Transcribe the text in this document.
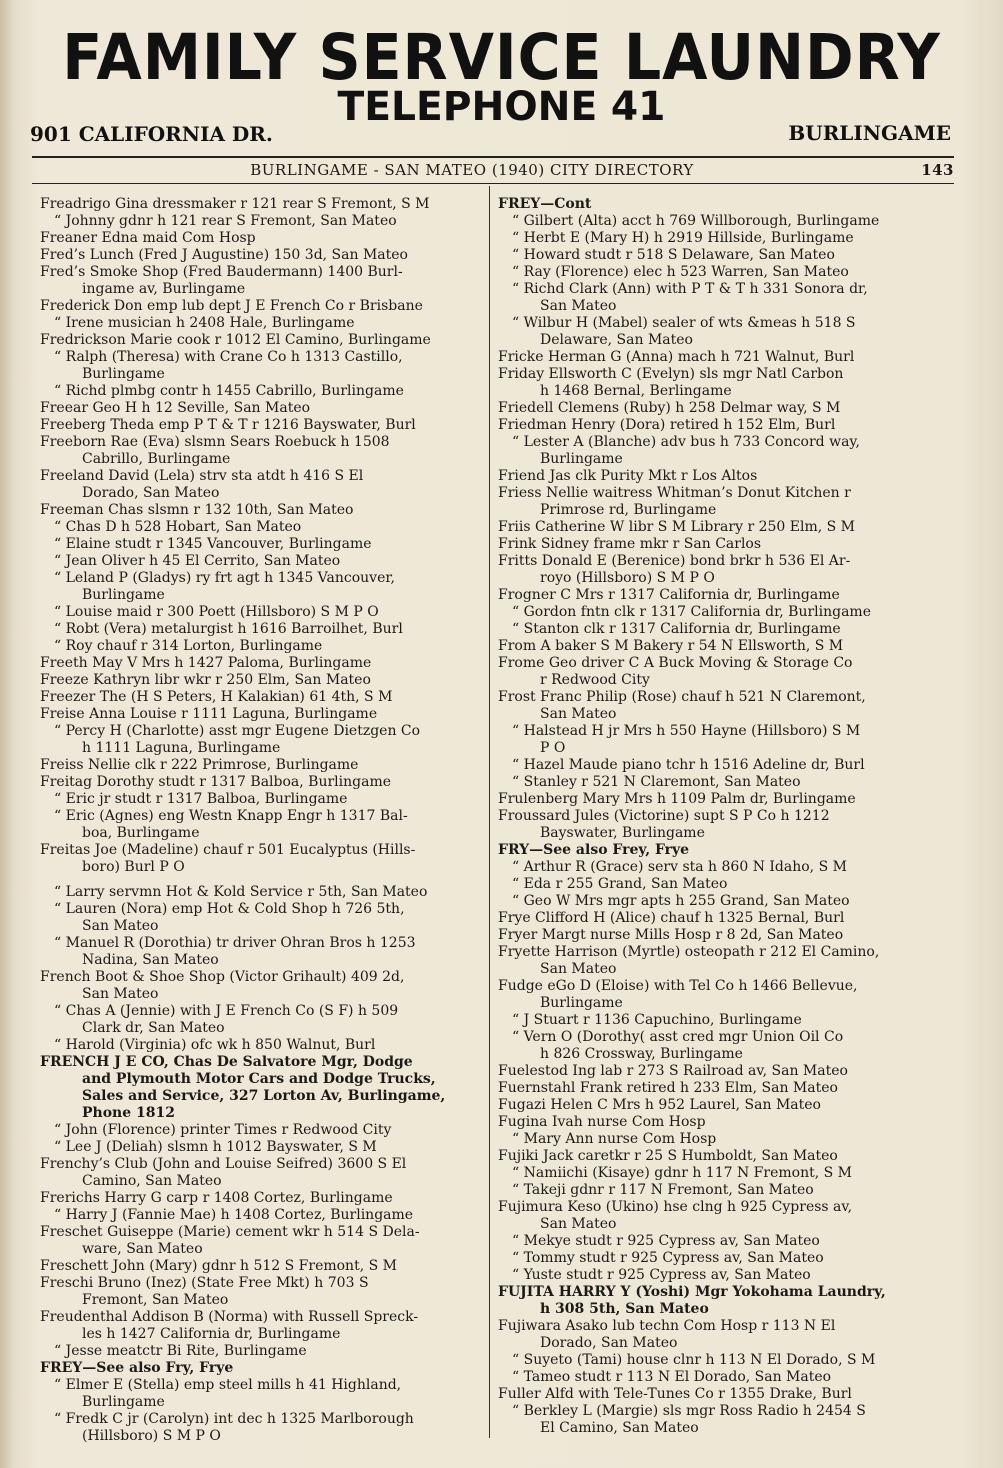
FAMILY SERVICE LAUNDRY
TELEPHONE 41
901 CALIFORNIA DR.	BURLINGAME
BURLINGAME - SAN MATEO (1940) CITY DIRECTORY	143
Freadrigo Gina dressmaker r 121 rear S Fremont, S M
“ Johnny gdnr h 121 rear S Fremont, San Mateo
Freaner Edna maid Com Hosp
Fred’s Lunch (Fred J Augustine) 150 3d, San Mateo
Fred’s Smoke Shop (Fred Baudermann) 1400 Burl-
ingame av, Burlingame
Frederick Don emp lub dept J E French Co r Brisbane
“ Irene musician h 2408 Hale, Burlingame
Fredrickson Marie cook r 1012 El Camino, Burlingame
“ Ralph (Theresa) with Crane Co h 1313 Castillo,
Burlingame
“ Richd plmbg contr h 1455 Cabrillo, Burlingame
Freear Geo H h 12 Seville, San Mateo
Freeberg Theda emp P T & T r 1216 Bayswater, Burl
Freeborn Rae (Eva) slsmn Sears Roebuck h 1508
Cabrillo, Burlingame
Freeland David (Lela) strv sta atdt h 416 S El
Dorado, San Mateo
Freeman Chas slsmn r 132 10th, San Mateo
“ Chas D h 528 Hobart, San Mateo
“ Elaine studt r 1345 Vancouver, Burlingame
“ Jean Oliver h 45 El Cerrito, San Mateo
“ Leland P (Gladys) ry frt agt h 1345 Vancouver,
Burlingame
“ Louise maid r 300 Poett (Hillsboro) S M P O
“ Robt (Vera) metalurgist h 1616 Barroilhet, Burl
“ Roy chauf r 314 Lorton, Burlingame
Freeth May V Mrs h 1427 Paloma, Burlingame
Freeze Kathryn libr wkr r 250 Elm, San Mateo
Freezer The (H S Peters, H Kalakian) 61 4th, S M
Freise Anna Louise r 1111 Laguna, Burlingame
“ Percy H (Charlotte) asst mgr Eugene Dietzgen Co
h 1111 Laguna, Burlingame
Freiss Nellie clk r 222 Primrose, Burlingame
Freitag Dorothy studt r 1317 Balboa, Burlingame
“ Eric jr studt r 1317 Balboa, Burlingame
“ Eric (Agnes) eng Westn Knapp Engr h 1317 Bal-
boa, Burlingame
Freitas Joe (Madeline) chauf r 501 Eucalyptus (Hills-
boro) Burl P O
“ Larry servmn Hot & Kold Service r 5th, San Mateo
“ Lauren (Nora) emp Hot & Cold Shop h 726 5th,
San Mateo
“ Manuel R (Dorothia) tr driver Ohran Bros h 1253
Nadina, San Mateo
French Boot & Shoe Shop (Victor Grihault) 409 2d,
San Mateo
“ Chas A (Jennie) with J E French Co (S F) h 509
Clark dr, San Mateo
“ Harold (Virginia) ofc wk h 850 Walnut, Burl
FRENCH J E CO, Chas De Salvatore Mgr, Dodge
and Plymouth Motor Cars and Dodge Trucks,
Sales and Service, 327 Lorton Av, Burlingame,
Phone 1812
“ John (Florence) printer Times r Redwood City
“ Lee J (Deliah) slsmn h 1012 Bayswater, S M
Frenchy’s Club (John and Louise Seifred) 3600 S El
Camino, San Mateo
Frerichs Harry G carp r 1408 Cortez, Burlingame
“ Harry J (Fannie Mae) h 1408 Cortez, Burlingame
Freschet Guiseppe (Marie) cement wkr h 514 S Dela-
ware, San Mateo
Freschett John (Mary) gdnr h 512 S Fremont, S M
Freschi Bruno (Inez) (State Free Mkt) h 703 S
Fremont, San Mateo
Freudenthal Addison B (Norma) with Russell Spreck-
les h 1427 California dr, Burlingame
“ Jesse meatctr Bi Rite, Burlingame
FREY—See also Fry, Frye
“ Elmer E (Stella) emp steel mills h 41 Highland,
Burlingame
“ Fredk C jr (Carolyn) int dec h 1325 Marlborough
(Hillsboro) S M P O
FREY—Cont
“ Gilbert (Alta) acct h 769 Willborough, Burlingame
“ Herbt E (Mary H) h 2919 Hillside, Burlingame
“ Howard studt r 518 S Delaware, San Mateo
“ Ray (Florence) elec h 523 Warren, San Mateo
“ Richd Clark (Ann) with P T & T h 331 Sonora dr,
San Mateo
“ Wilbur H (Mabel) sealer of wts &meas h 518 S
Delaware, San Mateo
Fricke Herman G (Anna) mach h 721 Walnut, Burl
Friday Ellsworth C (Evelyn) sls mgr Natl Carbon
h 1468 Bernal, Berlingame
Friedell Clemens (Ruby) h 258 Delmar way, S M
Friedman Henry (Dora) retired h 152 Elm, Burl
“ Lester A (Blanche) adv bus h 733 Concord way,
Burlingame
Friend Jas clk Purity Mkt r Los Altos
Friess Nellie waitress Whitman’s Donut Kitchen r
Primrose rd, Burlingame
Friis Catherine W libr S M Library r 250 Elm, S M
Frink Sidney frame mkr r San Carlos
Fritts Donald E (Berenice) bond brkr h 536 El Ar-
royo (Hillsboro) S M P O
Frogner C Mrs r 1317 California dr, Burlingame
“ Gordon fntn clk r 1317 California dr, Burlingame
“ Stanton clk r 1317 California dr, Burlingame
From A baker S M Bakery r 54 N Ellsworth, S M
Frome Geo driver C A Buck Moving & Storage Co
r Redwood City
Frost Franc Philip (Rose) chauf h 521 N Claremont,
San Mateo
“ Halstead H jr Mrs h 550 Hayne (Hillsboro) S M
P O
“ Hazel Maude piano tchr h 1516 Adeline dr, Burl
“ Stanley r 521 N Claremont, San Mateo
Frulenberg Mary Mrs h 1109 Palm dr, Burlingame
Froussard Jules (Victorine) supt S P Co h 1212
Bayswater, Burlingame
FRY—See also Frey, Frye
“ Arthur R (Grace) serv sta h 860 N Idaho, S M
“ Eda r 255 Grand, San Mateo
“ Geo W Mrs mgr apts h 255 Grand, San Mateo
Frye Clifford H (Alice) chauf h 1325 Bernal, Burl
Fryer Margt nurse Mills Hosp r 8 2d, San Mateo
Fryette Harrison (Myrtle) osteopath r 212 El Camino,
San Mateo
Fudge eGo D (Eloise) with Tel Co h 1466 Bellevue,
Burlingame
“ J Stuart r 1136 Capuchino, Burlingame
“ Vern O (Dorothy( asst cred mgr Union Oil Co
h 826 Crossway, Burlingame
Fuelestod Ing lab r 273 S Railroad av, San Mateo
Fuernstahl Frank retired h 233 Elm, San Mateo
Fugazi Helen C Mrs h 952 Laurel, San Mateo
Fugina Ivah nurse Com Hosp
“ Mary Ann nurse Com Hosp
Fujiki Jack caretkr r 25 S Humboldt, San Mateo
“ Namiichi (Kisaye) gdnr h 117 N Fremont, S M
“ Takeji gdnr r 117 N Fremont, San Mateo
Fujimura Keso (Ukino) hse clng h 925 Cypress av,
San Mateo
“ Mekye studt r 925 Cypress av, San Mateo
“ Tommy studt r 925 Cypress av, San Mateo
“ Yuste studt r 925 Cypress av, San Mateo
FUJITA HARRY Y (Yoshi) Mgr Yokohama Laundry,
h 308 5th, San Mateo
Fujiwara Asako lub techn Com Hosp r 113 N El
Dorado, San Mateo
“ Suyeto (Tami) house clnr h 113 N El Dorado, S M
“ Tameo studt r 113 N El Dorado, San Mateo
Fuller Alfd with Tele-Tunes Co r 1355 Drake, Burl
“ Berkley L (Margie) sls mgr Ross Radio h 2454 S
El Camino, San Mateo
